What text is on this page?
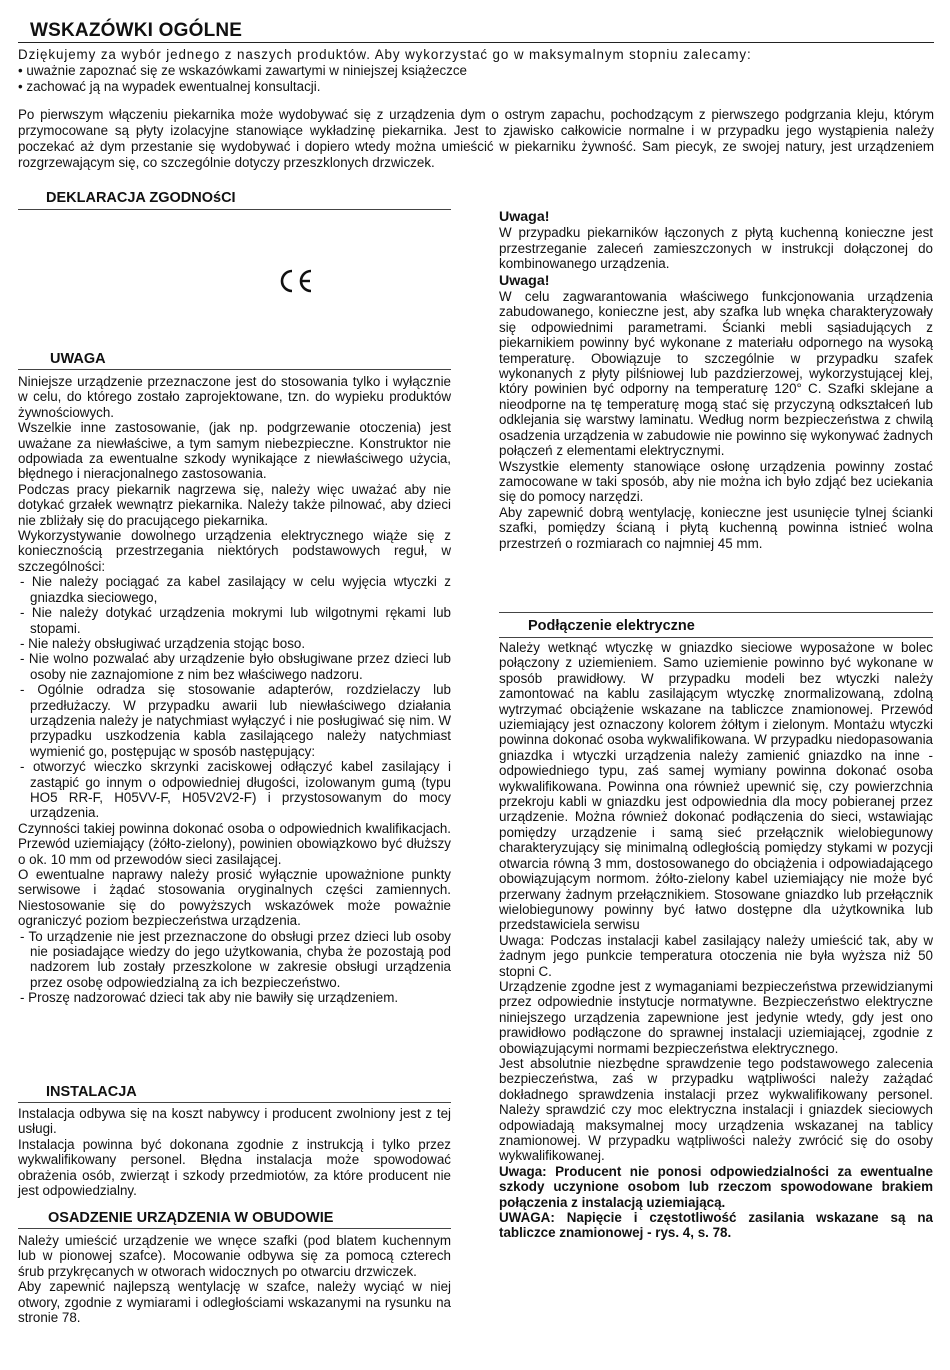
WSKAZÓWKI OGÓLNE

Dziękujemy za wybór jednego z naszych produktów. Aby wykorzystać go w maksymalnym stopniu zalecamy:

• uważnie zapoznać się ze wskazówkami zawartymi w niniejszej książeczce

• zachować ją na wypadek ewentualnej konsultacji.

Po pierwszym włączeniu piekarnika może wydobywać się z urządzenia dym o ostrym zapachu, pochodzącym z pierwszego podgrzania kleju, którym przymocowane są płyty izolacyjne stanowiące wykładzinę piekarnika. Jest to zjawisko całkowicie normalne i w przypadku jego wystąpienia należy poczekać aż dym przestanie się wydobywać i dopiero wtedy można umieścić w piekarniku żywność. Sam piecyk, ze swojej natury, jest urządzeniem rozgrzewającym się, co szczególnie dotyczy przeszklonych drzwiczek.

DEKLARACJA ZGODNOśCI
UWAGA

Niniejsze urządzenie przeznaczone jest do stosowania tylko i wyłącznie w celu, do którego zostało zaprojektowane, tzn. do wypieku produktów żywnościowych.

Wszelkie inne zastosowanie, (jak np. podgrzewanie otoczenia) jest uważane za niewłaściwe, a tym samym niebezpieczne. Konstruktor nie odpowiada za ewentualne szkody wynikające z niewłaściwego użycia, błędnego i nieracjonalnego zastosowania.

Podczas pracy piekarnik nagrzewa się, należy więc uważać aby nie dotykać grzałek wewnątrz piekarnika. Należy także pilnować, aby dzieci nie zbliżały się do pracującego piekarnika.

Wykorzystywanie dowolnego urządzenia elektrycznego wiąże się z koniecznością przestrzegania niektórych podstawowych reguł, w szczególności:

- Nie należy pociągać za kabel zasilający w celu wyjęcia wtyczki z gniazdka sieciowego,

- Nie należy dotykać urządzenia mokrymi lub wilgotnymi rękami lub stopami.

- Nie należy obsługiwać urządzenia stojąc boso.

- Nie wolno pozwalać aby urządzenie było obsługiwane przez dzieci lub osoby nie zaznajomione z nim bez właściwego nadzoru.

- Ogólnie odradza się stosowanie adapterów, rozdzielaczy lub przedłużaczy. W przypadku awarii lub niewłaściwego działania urządzenia należy je natychmiast wyłączyć i nie posługiwać się nim. W przypadku uszkodzenia kabla zasilającego należy natychmiast wymienić go, postępując w sposób następujący:

- otworzyć wieczko skrzynki zaciskowej odłączyć kabel zasilający i zastąpić go innym o odpowiedniej długości, izolowanym gumą (typu HO5 RR-F, H05VV-F, H05V2V2-F) i przystosowanym do mocy urządzenia.

Czynności takiej powinna dokonać osoba o odpowiednich kwalifikacjach. Przewód uziemiający (żółto-zielony), powinien obowiązkowo być dłuższy o ok. 10 mm od przewodów sieci zasilającej.

O ewentualne naprawy należy prosić wyłącznie upoważnione punkty serwisowe i żądać stosowania oryginalnych części zamiennych. Niestosowanie się do powyższych wskazówek może poważnie ograniczyć poziom bezpieczeństwa urządzenia.

- To urządzenie nie jest przeznaczone do obsługi przez dzieci lub osoby nie posiadające wiedzy do jego użytkowania, chyba że pozostają pod nadzorem lub zostały przeszkolone w zakresie obsługi urządzenia przez osobę odpowiedzialną za ich bezpieczeństwo.

- Proszę nadzorować dzieci tak aby nie bawiły się urządzeniem.

INSTALACJA

Instalacja odbywa się na koszt nabywcy i producent zwolniony jest z tej usługi.

Instalacja powinna być dokonana zgodnie z instrukcją i tylko przez wykwalifikowany personel. Błędna instalacja może spowodować obrażenia osób, zwierząt i szkody przedmiotów, za które producent nie jest odpowiedzialny.

OSADZENIE URZĄDZENIA W OBUDOWIE

Należy umieścić urządzenie we wnęce szafki (pod blatem kuchennym lub w pionowej szafce). Mocowanie odbywa się za pomocą czterech śrub przykręcanych w otworach widocznych po otwarciu drzwiczek.

Aby zapewnić najlepszą wentylację w szafce, należy wyciąć w niej otwory, zgodnie z wymiarami i odległościami wskazanymi na rysunku na stronie 78.

Uwaga!

W przypadku piekarników łączonych z płytą kuchenną konieczne jest przestrzeganie zaleceń zamieszczonych w instrukcji dołączonej do kombinowanego urządzenia.

Uwaga!

W celu zagwarantowania właściwego funkcjonowania urządzenia zabudowanego, konieczne jest, aby szafka lub wnęka charakteryzowały się odpowiednimi parametrami. Ścianki mebli sąsiadujących z piekarnikiem powinny być wykonane z materiału odpornego na wysoką temperaturę. Obowiązuje to szczególnie w przypadku szafek wykonanych z płyty pilśniowej lub pazdzierzowej, wykorzystującej klej, który powinien być odporny na temperaturę 120° C. Szafki sklejane a nieodporne na tę temperaturę mogą stać się przyczyną odkształceń lub odklejania się warstwy laminatu. Według norm bezpieczeństwa z chwilą osadzenia urządzenia w zabudowie nie powinno się wykonywać żadnych połączeń z elementami elektrycznymi.

Wszystkie elementy stanowiące osłonę urządzenia powinny zostać zamocowane w taki sposób, aby nie można ich było zdjąć bez uciekania się do pomocy narzędzi.

Aby zapewnić dobrą wentylację, konieczne jest usunięcie tylnej ścianki szafki, pomiędzy ścianą i płytą kuchenną powinna istnieć wolna przestrzeń o rozmiarach co najmniej 45 mm.

Podłączenie elektryczne

Należy wetknąć wtyczkę w gniazdko sieciowe wyposażone w bolec połączony z uziemieniem. Samo uziemienie powinno być wykonane w sposób prawidłowy. W przypadku modeli bez wtyczki należy zamontować na kablu zasilającym wtyczkę znormalizowaną, zdolną wytrzymać obciążenie wskazane na tabliczce znamionowej. Przewód uziemiający jest oznaczony kolorem żółtym i zielonym. Montażu wtyczki powinna dokonać osoba wykwalifikowana. W przypadku niedopasowania gniazdka i wtyczki urządzenia należy zamienić gniazdko na inne - odpowiedniego typu, zaś samej wymiany powinna dokonać osoba wykwalifikowana. Powinna ona również upewnić się, czy powierzchnia przekroju kabli w gniazdku jest odpowiednia dla mocy pobieranej przez urządzenie. Można również dokonać podłączenia do sieci, wstawiając pomiędzy urządzenie i samą sieć przełącznik wielobiegunowy charakteryzujący się minimalną odległością pomiędzy stykami w pozycji otwarcia równą 3 mm, dostosowanego do obciążenia i odpowiadającego obowiązującym normom. żółto-zielony kabel uziemiający nie może być przerwany żadnym przełącznikiem. Stosowane gniazdko lub przełącznik wielobiegunowy powinny być łatwo dostępne dla użytkownika lub przedstawiciela serwisu

Uwaga: Podczas instalacji kabel zasilający należy umieścić tak, aby w żadnym jego punkcie temperatura otoczenia nie była wyższa niż 50 stopni C.

Urządzenie zgodne jest z wymaganiami bezpieczeństwa przewidzianymi przez odpowiednie instytucje normatywne. Bezpieczeństwo elektryczne niniejszego urządzenia zapewnione jest jedynie wtedy, gdy jest ono prawidłowo podłączone do sprawnej instalacji uziemiającej, zgodnie z obowiązującymi normami bezpieczeństwa elektrycznego.

Jest absolutnie niezbędne sprawdzenie tego podstawowego zalecenia bezpieczeństwa, zaś w przypadku wątpliwości należy zażądać dokładnego sprawdzenia instalacji przez wykwalifikowany personel. Należy sprawdzić czy moc elektryczna instalacji i gniazdek sieciowych odpowiadają maksymalnej mocy urządzenia wskazanej na tablicy znamionowej. W przypadku wątpliwości należy zwrócić się do osoby wykwalifikowanej.

Uwaga: Producent nie ponosi odpowiedzialności za ewentualne szkody uczynione osobom lub rzeczom spowodowane brakiem połączenia z instalacją uziemiającą.

UWAGA: Napięcie i częstotliwość zasilania wskazane są na tabliczce znamionowej - rys. 4, s. 78.
